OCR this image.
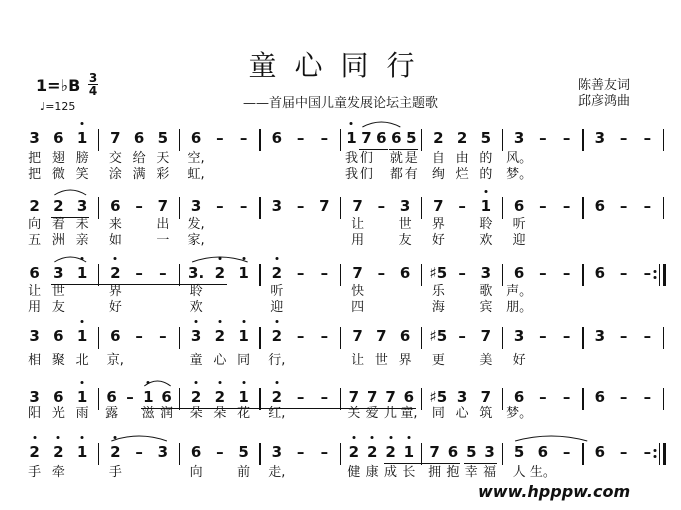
童心同行
——首届中国儿童发展论坛主题歌
陈善友词
邱彦鸿曲
1=♭B 3
4
♩=125
3 6 1 7 6 5 6 – – 6 – – 1 7 6 6 5 2 2 5 3 – – 3 – –
把 翅 膀 交 给 天 空,	我 们 就 是 自 由 的 风。
把 微 笑 涂 满 彩 虹,	我 们 都 有 绚 烂 的 梦。
2 2 3 6 – 7 3 – – 3 – 7 7 – 3 7 – 1 6 – – 6 – –
向 着 未 来	出 发,	让	世 界	聆 听
五 洲 亲 如	一 家,	用	友 好	欢 迎
6 3 1 2 – – 3. 2 1 2 – – 7 – 6 ♯5 – 3 6 – – 6 – –
让 世	界	聆	听	快	乐	歌 声。
用 友	好	欢	迎	四	海	宾 朋。
3 6 1 6 – – 3 2 1 2 – – 7 7 6 ♯5 – 7 3 – – 3 – –
相 聚 北 京,	童 心 同 行,	让 世 界 更	美 好
3 6 1 6 – 1 6 2 2 1 2 – – 7 7 7 6 ♯5 3 7 6 – – 6 – –
阳 光 雨 露 滋 润 朵 朵 花 红,	关 爱 儿 童, 同 心 筑 梦。
2 2 1 2 – 3 6 – 5 3 – – 2 2 2 1 7 6 5 3 5 6 – 6 – –
手 牵	手	向	前 走,	健 康 成 长 拥 抱 幸 福 人 生。
www.hpppw.com
